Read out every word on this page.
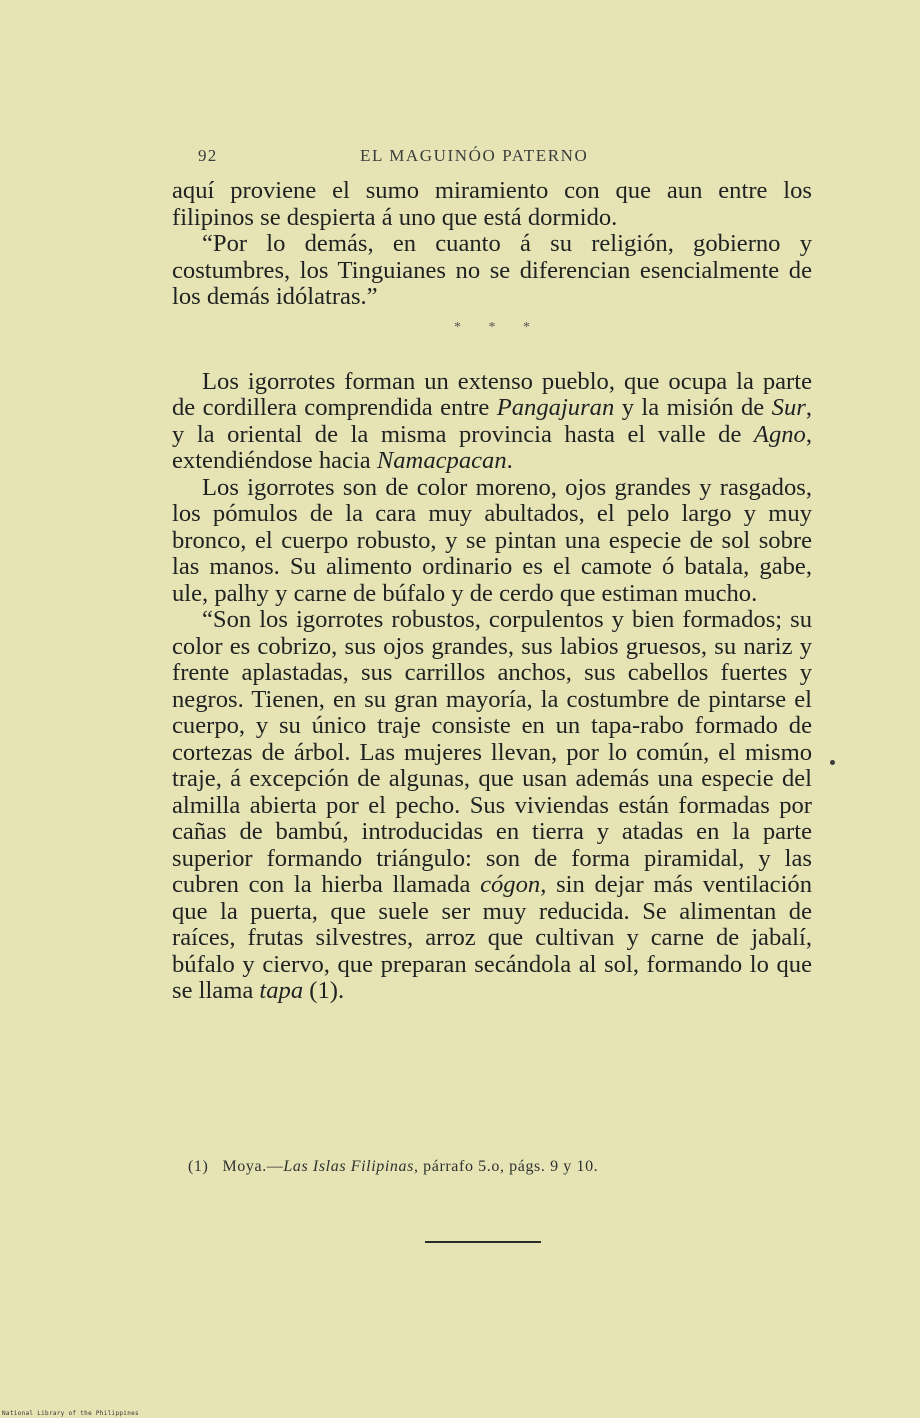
92	EL MAGUINÓO PATERNO

aquí proviene el sumo miramiento con que aun entre los filipinos se despierta á uno que está dormido.

“Por lo demás, en cuanto á su religión, gobierno y costumbres, los Tinguianes no se diferencian esencialmente de los demás idólatras.”

* * *

Los igorrotes forman un extenso pueblo, que ocupa la parte de cordillera comprendida entre Pangajuran y la misión de Sur, y la oriental de la misma provincia hasta el valle de Agno, extendiéndose hacia Namacpacan.

Los igorrotes son de color moreno, ojos grandes y rasgados, los pómulos de la cara muy abultados, el pelo largo y muy bronco, el cuerpo robusto, y se pintan una especie de sol sobre las manos. Su alimento ordinario es el camote ó batala, gabe, ule, palhy y carne de búfalo y de cerdo que estiman mucho.

“Son los igorrotes robustos, corpulentos y bien formados; su color es cobrizo, sus ojos grandes, sus labios gruesos, su nariz y frente aplastadas, sus carrillos anchos, sus cabellos fuertes y negros. Tienen, en su gran mayoría, la costumbre de pintarse el cuerpo, y su único traje consiste en un tapa-rabo formado de cortezas de árbol. Las mujeres llevan, por lo común, el mismo traje, á excepción de algunas, que usan además una especie del almilla abierta por el pecho. Sus viviendas están formadas por cañas de bambú, introducidas en tierra y atadas en la parte superior formando triángulo: son de forma piramidal, y las cubren con la hierba llamada cógon, sin dejar más ventilación que la puerta, que suele ser muy reducida. Se alimentan de raíces, frutas silvestres, arroz que cultivan y carne de jabalí, búfalo y ciervo, que preparan secándola al sol, formando lo que se llama tapa (1).

(1) Moya.—Las Islas Filipinas, párrafo 5.o, págs. 9 y 10.
National Library of the Philippines
